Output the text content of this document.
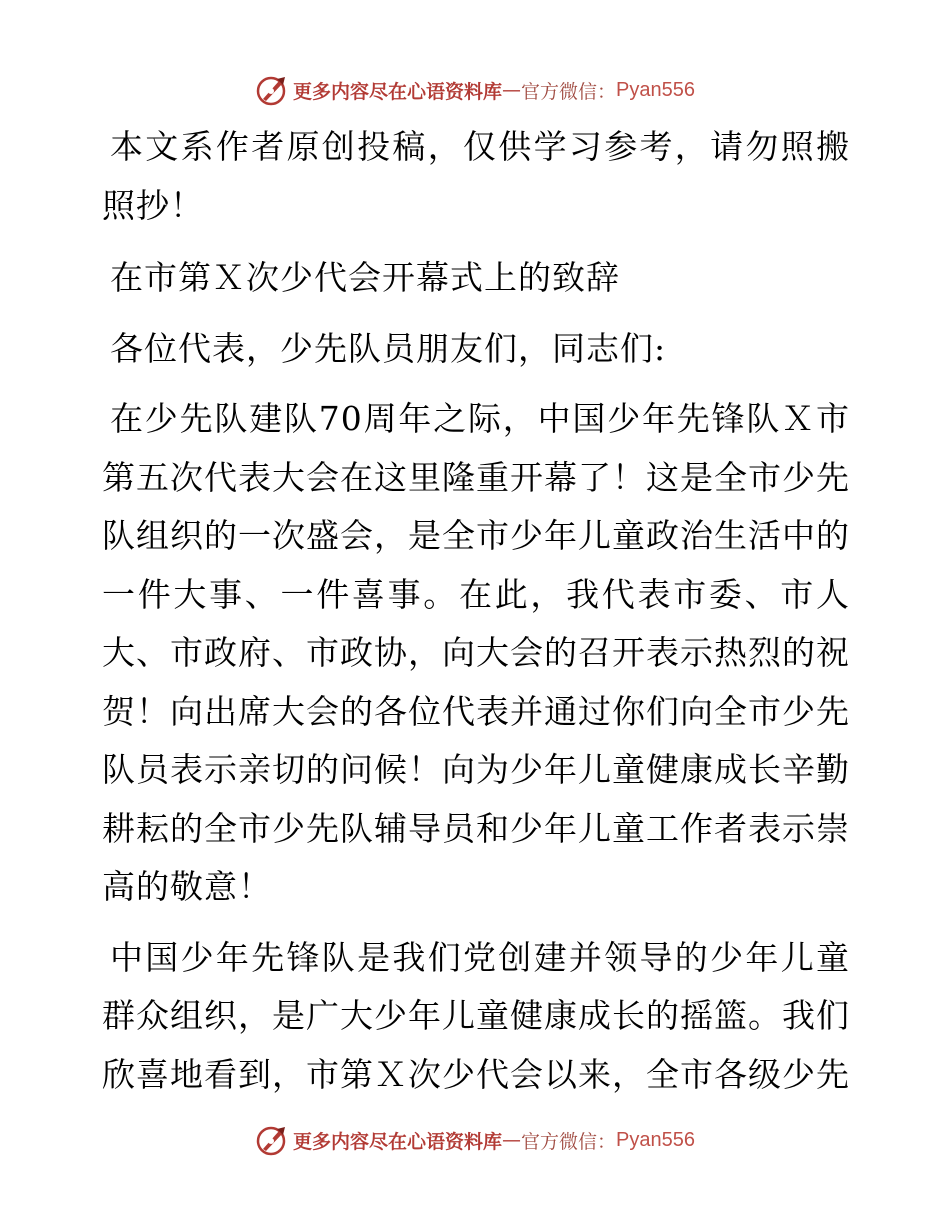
更多内容尽在心语资料库 — 官方微信： Pyan556

本文系作者原创投稿，仅供学习参考，请勿照搬照抄！

在市第Ｘ次少代会开幕式上的致辞

各位代表，少先队员朋友们，同志们:

在少先队建队70周年之际，中国少年先锋队Ｘ市第五次代表大会在这里隆重开幕了！这是全市少先队组织的一次盛会，是全市少年儿童政治生活中的一件大事、一件喜事。在此，我代表市委、市人大、市政府、市政协，向大会的召开表示热烈的祝贺！向出席大会的各位代表并通过你们向全市少先队员表示亲切的问候！向为少年儿童健康成长辛勤耕耘的全市少先队辅导员和少年儿童工作者表示崇高的敬意！

中国少年先锋队是我们党创建并领导的少年儿童群众组织，是广大少年儿童健康成长的摇篮。我们欣喜地看到，市第Ｘ次少代会以来，全市各级少先

更多内容尽在心语资料库 — 官方微信： Pyan556
